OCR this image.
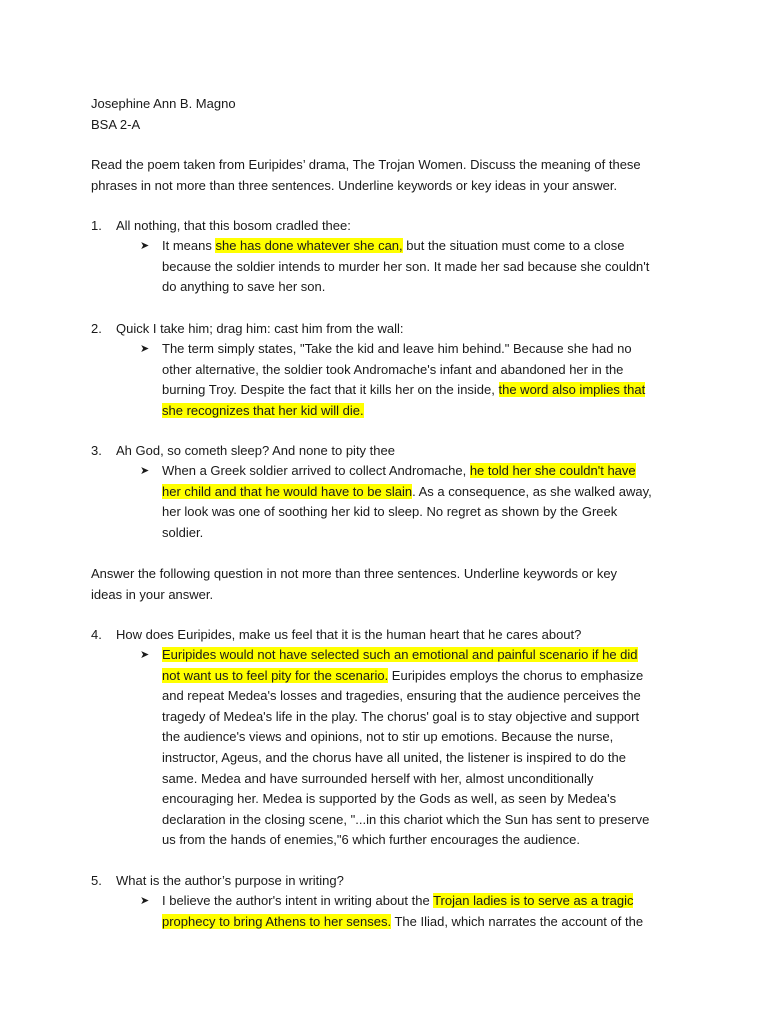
Josephine Ann B. Magno

BSA 2-A

Read the poem taken from Euripides’ drama, The Trojan Women. Discuss the meaning of these

phrases in not more than three sentences. Underline keywords or key ideas in your answer.

1. All nothing, that this bosom cradled thee:
➤ It means she has done whatever she can, but the situation must come to a close
because the soldier intends to murder her son. It made her sad because she couldn't
do anything to save her son.
2. Quick I take him; drag him: cast him from the wall:
➤ The term simply states, "Take the kid and leave him behind." Because she had no
other alternative, the soldier took Andromache's infant and abandoned her in the
burning Troy. Despite the fact that it kills her on the inside, the word also implies that
she recognizes that her kid will die.
3. Ah God, so cometh sleep? And none to pity thee
➤ When a Greek soldier arrived to collect Andromache, he told her she couldn't have
her child and that he would have to be slain. As a consequence, as she walked away,
her look was one of soothing her kid to sleep. No regret as shown by the Greek
soldier.

Answer the following question in not more than three sentences. Underline keywords or key

ideas in your answer.

4. How does Euripides, make us feel that it is the human heart that he cares about?
➤ Euripides would not have selected such an emotional and painful scenario if he did
not want us to feel pity for the scenario. Euripides employs the chorus to emphasize
and repeat Medea's losses and tragedies, ensuring that the audience perceives the
tragedy of Medea's life in the play. The chorus' goal is to stay objective and support
the audience's views and opinions, not to stir up emotions. Because the nurse,
instructor, Ageus, and the chorus have all united, the listener is inspired to do the
same. Medea and have surrounded herself with her, almost unconditionally
encouraging her. Medea is supported by the Gods as well, as seen by Medea's
declaration in the closing scene, "...in this chariot which the Sun has sent to preserve
us from the hands of enemies,"6 which further encourages the audience.
5. What is the author’s purpose in writing?
➤ I believe the author's intent in writing about the Trojan ladies is to serve as a tragic
prophecy to bring Athens to her senses. The Iliad, which narrates the account of the
